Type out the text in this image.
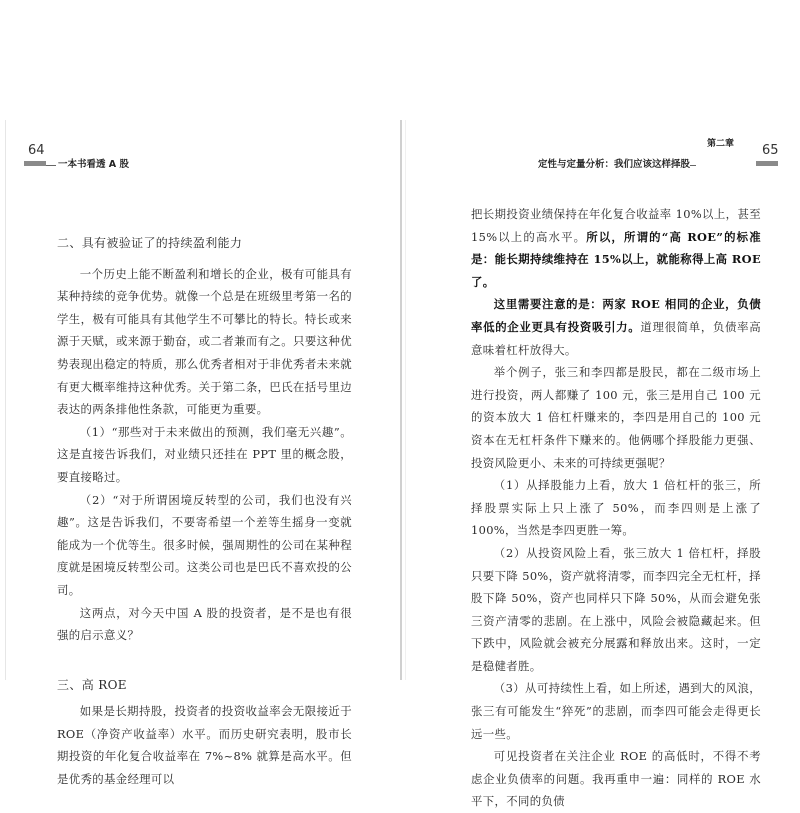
64
一本书看透 A 股

二、具有被验证了的持续盈利能力

一个历史上能不断盈利和增长的企业，极有可能具有某种持续的竞争优势。就像一个总是在班级里考第一名的学生，极有可能具有其他学生不可攀比的特长。特长或来源于天赋，或来源于勤奋，或二者兼而有之。只要这种优势表现出稳定的特质，那么优秀者相对于非优秀者未来就有更大概率维持这种优秀。关于第二条，巴氏在括号里边表达的两条排他性条款，可能更为重要。

（1）“那些对于未来做出的预测，我们毫无兴趣”。这是直接告诉我们，对业绩只还挂在 PPT 里的概念股，要直接略过。

（2）“对于所谓困境反转型的公司，我们也没有兴趣”。这是告诉我们，不要寄希望一个差等生摇身一变就能成为一个优等生。很多时候，强周期性的公司在某种程度就是困境反转型公司。这类公司也是巴氏不喜欢投的公司。

这两点，对今天中国 A 股的投资者，是不是也有很强的启示意义？

三、高 ROE

如果是长期持股，投资者的投资收益率会无限接近于 ROE（净资产收益率）水平。而历史研究表明，股市长期投资的年化复合收益率在 7%~8% 就算是高水平。但是优秀的基金经理可以

第二章 65
定性与定量分析：我们应该这样择股

把长期投资业绩保持在年化复合收益率 10%以上，甚至 15%以上的高水平。所以，所谓的“高 ROE”的标准是：能长期持续维持在 15%以上，就能称得上高 ROE 了。

这里需要注意的是：两家 ROE 相同的企业，负债率低的企业更具有投资吸引力。道理很简单，负债率高意味着杠杆放得大。

举个例子，张三和李四都是股民，都在二级市场上进行投资，两人都赚了 100 元，张三是用自己 100 元的资本放大 1 倍杠杆赚来的，李四是用自己的 100 元资本在无杠杆条件下赚来的。他俩哪个择股能力更强、投资风险更小、未来的可持续更强呢？

（1）从择股能力上看，放大 1 倍杠杆的张三，所择股票实际上只上涨了 50%，而李四则是上涨了 100%，当然是李四更胜一筹。

（2）从投资风险上看，张三放大 1 倍杠杆，择股只要下降 50%，资产就将清零，而李四完全无杠杆，择股下降 50%，资产也同样只下降 50%，从而会避免张三资产清零的悲剧。在上涨中，风险会被隐藏起来。但下跌中，风险就会被充分展露和释放出来。这时，一定是稳健者胜。

（3）从可持续性上看，如上所述，遇到大的风浪，张三有可能发生“猝死”的悲剧，而李四可能会走得更长远一些。

可见投资者在关注企业 ROE 的高低时，不得不考虑企业负债率的问题。我再重申一遍：同样的 ROE 水平下，不同的负债
